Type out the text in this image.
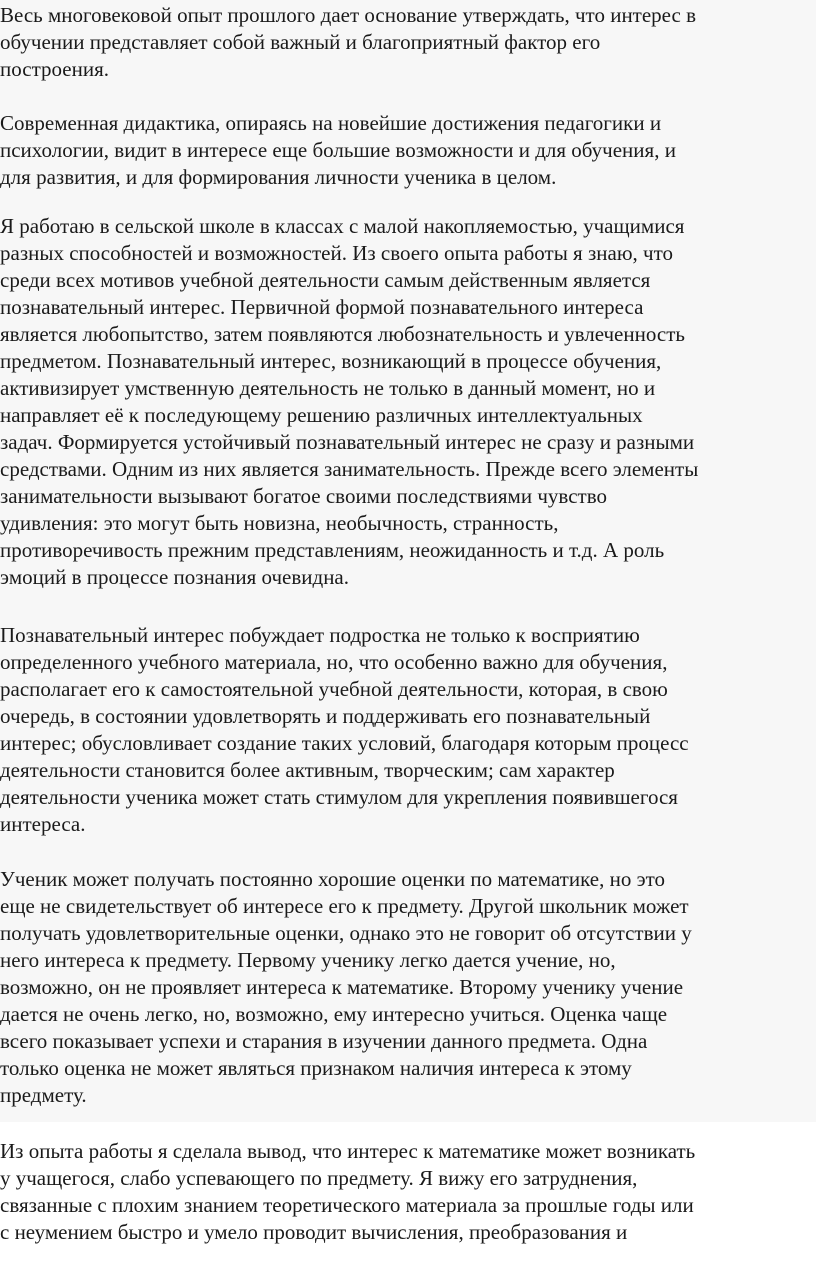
Весь многовековой опыт прошлого дает основание утверждать, что интерес в
обучении представляет собой важный и благоприятный фактор его
построения.

Современная дидактика, опираясь на новейшие достижения педагогики и
психологии, видит в интересе еще большие возможности и для обучения, и
для развития, и для формирования личности ученика в целом.

Я работаю в сельской школе в классах с малой накопляемостью, учащимися
разных способностей и возможностей. Из своего опыта работы я знаю, что
среди всех мотивов учебной деятельности самым действенным является
познавательный интерес. Первичной формой познавательного интереса
является любопытство, затем появляются любознательность и увлеченность
предметом. Познавательный интерес, возникающий в процессе обучения,
активизирует умственную деятельность не только в данный момент, но и
направляет её к последующему решению различных интеллектуальных
задач. Формируется устойчивый познавательный интерес не сразу и разными
средствами. Одним из них является занимательность. Прежде всего элементы
занимательности вызывают богатое своими последствиями чувство
удивления: это могут быть новизна, необычность, странность,
противоречивость прежним представлениям, неожиданность и т.д. А роль
эмоций в процессе познания очевидна.

Познавательный интерес побуждает подростка не только к восприятию
определенного учебного материала, но, что особенно важно для обучения,
располагает его к самостоятельной учебной деятельности, которая, в свою
очередь, в состоянии удовлетворять и поддерживать его познавательный
интерес; обусловливает создание таких условий, благодаря которым процесс
деятельности становится более активным, творческим; сам характер
деятельности ученика может стать стимулом для укрепления появившегося
интереса.

Ученик может получать постоянно хорошие оценки по математике, но это
еще не свидетельствует об интересе его к предмету. Другой школьник может
получать удовлетворительные оценки, однако это не говорит об отсутствии у
него интереса к предмету. Первому ученику легко дается учение, но,
возможно, он не проявляет интереса к математике. Второму ученику учение
дается не очень легко, но, возможно, ему интересно учиться. Оценка чаще
всего показывает успехи и старания в изучении данного предмета. Одна
только оценка не может являться признаком наличия интереса к этому
предмету.

Из опыта работы я сделала вывод, что интерес к математике может возникать
у учащегося, слабо успевающего по предмету. Я вижу его затруднения,
связанные с плохим знанием теоретического материала за прошлые годы или
с неумением быстро и умело проводит вычисления, преобразования и
